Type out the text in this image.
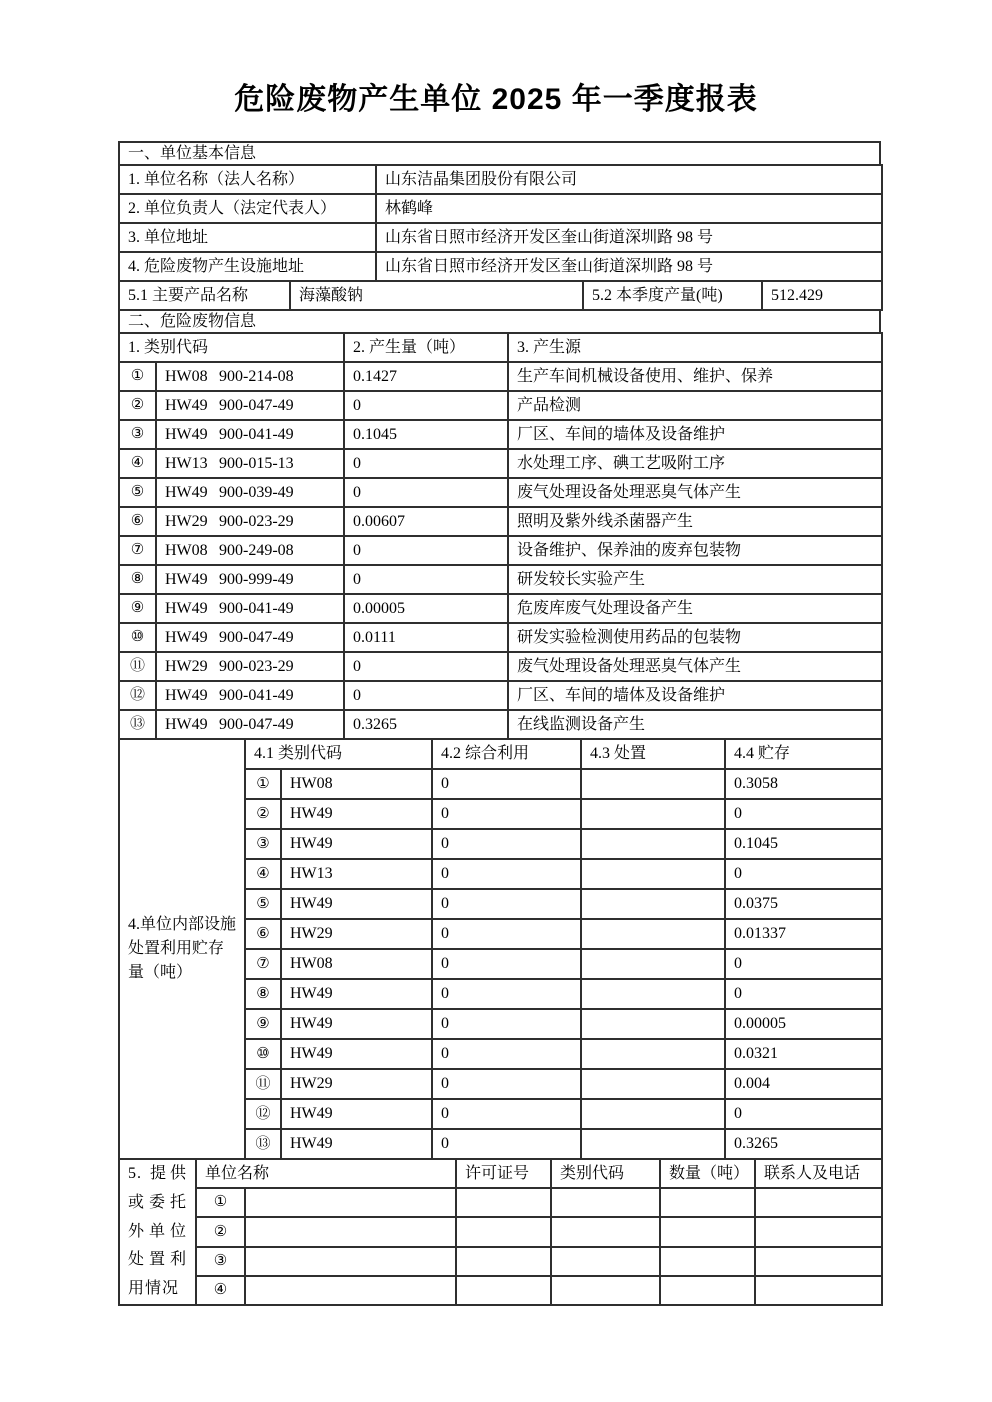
危险废物产生单位 2025 年一季度报表
一、单位基本信息
1. 单位名称（法人名称）	山东洁晶集团股份有限公司
2. 单位负责人（法定代表人）	林鹤峰
3. 单位地址	山东省日照市经济开发区奎山街道深圳路 98 号
4. 危险废物产生设施地址	山东省日照市经济开发区奎山街道深圳路 98 号
5.1 主要产品名称	海藻酸钠	5.2 本季度产量(吨)	512.429
二、危险废物信息
1. 类别代码	2. 产生量（吨）	3. 产生源
①	HW08 900-214-08	0.1427	生产车间机械设备使用、维护、保养
②	HW49 900-047-49	0	产品检测
③	HW49 900-041-49	0.1045	厂区、车间的墙体及设备维护
④	HW13 900-015-13	0	水处理工序、碘工艺吸附工序
⑤	HW49 900-039-49	0	废气处理设备处理恶臭气体产生
⑥	HW29 900-023-29	0.00607	照明及紫外线杀菌器产生
⑦	HW08 900-249-08	0	设备维护、保养油的废弃包装物
⑧	HW49 900-999-49	0	研发较长实验产生
⑨	HW49 900-041-49	0.00005	危废库废气处理设备产生
⑩	HW49 900-047-49	0.0111	研发实验检测使用药品的包装物
⑪	HW29 900-023-29	0	废气处理设备处理恶臭气体产生
⑫	HW49 900-041-49	0	厂区、车间的墙体及设备维护
⑬	HW49 900-047-49	0.3265	在线监测设备产生
4.单位内部设施处置利用贮存量（吨）	4.1 类别代码		4.2 综合利用	4.3 处置	4.4 贮存
	①	HW08	0		0.3058
	②	HW49	0		0
	③	HW49	0		0.1045
	④	HW13	0		0
	⑤	HW49	0		0.0375
	⑥	HW29	0		0.01337
	⑦	HW08	0		0
	⑧	HW49	0		0
	⑨	HW49	0		0.00005
	⑩	HW49	0		0.0321
	⑪	HW29	0		0.004
	⑫	HW49	0		0
	⑬	HW49	0		0.3265
5. 提供或委托外单位处置利用情况	单位名称		许可证号	类别代码	数量（吨）	联系人及电话
	①					
	②					
	③					
	④					
